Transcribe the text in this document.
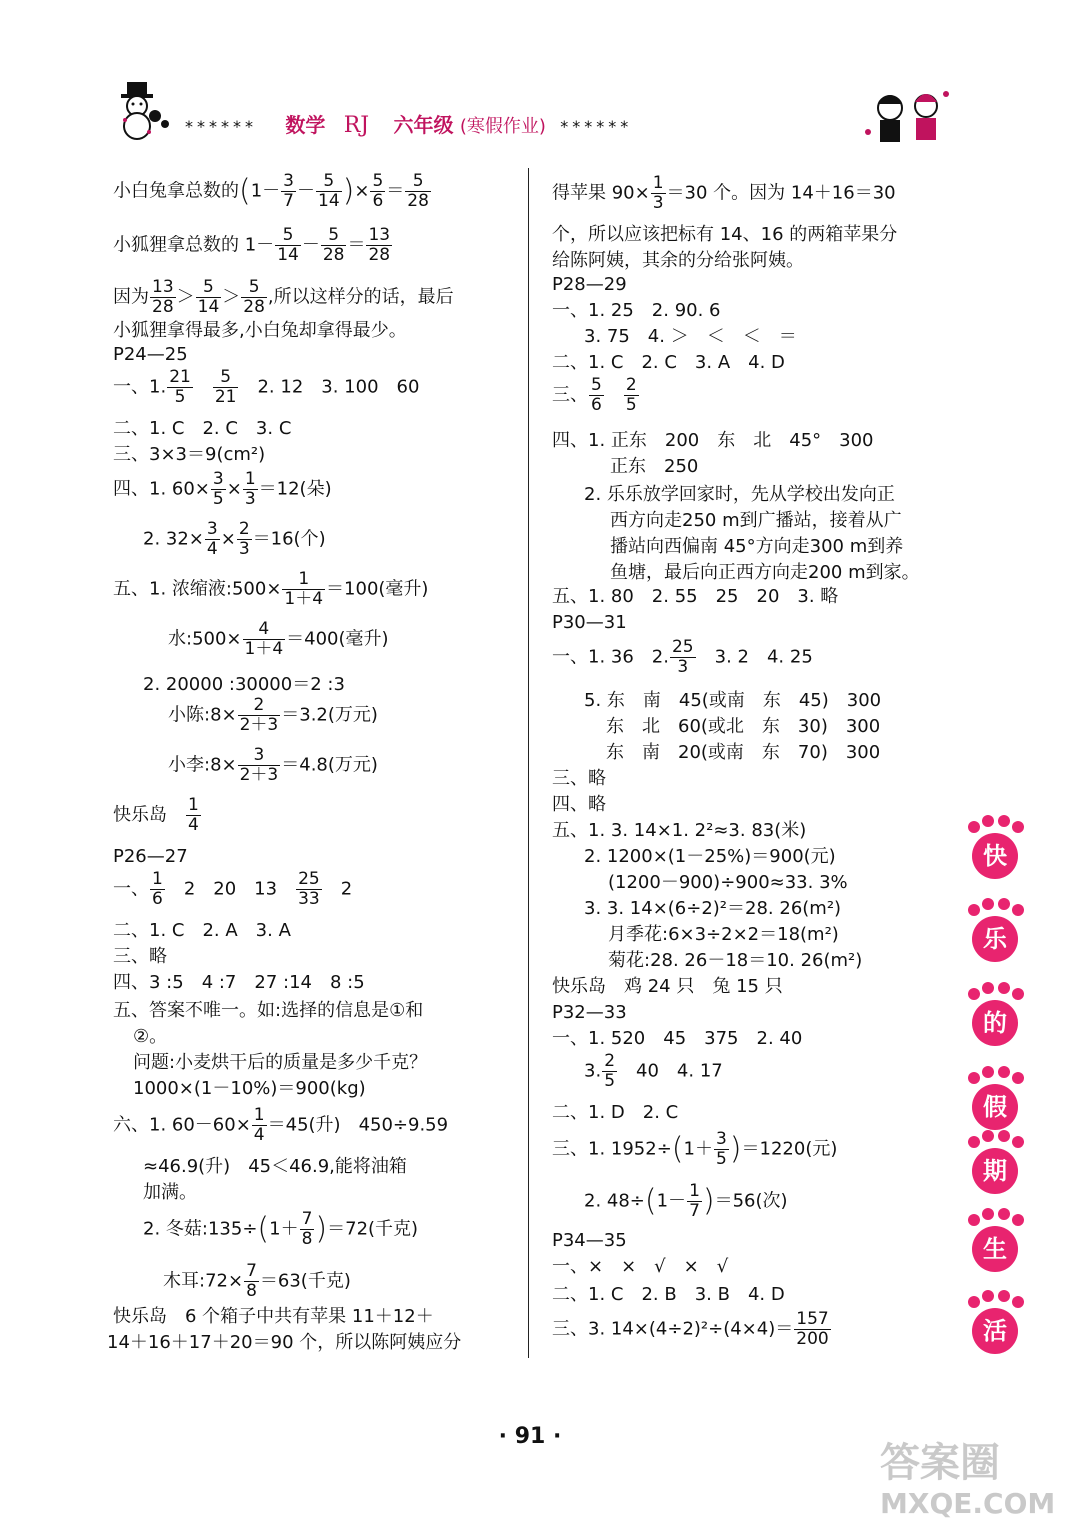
****** 数学 RJ 六年级 (寒假作业) ******
小白兔拿总数的($1- \frac{3}{7} - \frac{5}{14}$ )× $\frac{5}{6} = \frac{5}{28}$
小狐狸拿总数的 $1- \frac{5}{14} - \frac{5}{28} = \frac{13}{28}$
因为 $\frac{13}{28} > \frac{5}{14} > \frac{5}{28}$ ,所以这样分的话，最后
小狐狸拿得最多,小白兔却拿得最少。
P24—25
一、1. $\frac{21}{5}$
　 $\frac{5}{21}$
　 2. 12　3. 100　60
二、1. C　2. C　3. C
三、3×3＝9(cm²)
四、1. $60\times \frac{3}{5} \times \frac{1}{3} =12$(朵)
2. $32\times \frac{3}{4} \times \frac{2}{3} =16$(个)
五、1. 浓缩液:500× $\frac{1}{1+4} =100$(毫升)
水:500× $\frac{4}{1+4} =400$(毫升)
2. 20000 :30000＝2 :3
小陈:8× $\frac{2}{2+3} =3.2$(万元)
小李:8× $\frac{3}{2+3} =4.8$(万元)
快乐岛　 $\frac{1}{4}$
P26—27
一、 $\frac{1}{6}$
　 2　20　13　 $\frac{25}{33}$
　 2
二、1. C　2. A　3. A
三、略
四、3 :5　4 :7　27 :14　8 :5
五、答案不唯一。如:选择的信息是①和
②。
问题:小麦烘干后的质量是多少千克？
1000×(1－10%)＝900(kg)
六、1. $60-60\times \frac{1}{4} =45$(升)　450÷9.59
≈46.9(升)　45＜46.9,能将油箱
加满。
2. 冬菇:135÷(1＋ $\frac{7}{8} )=72$(千克)
木耳:72× $\frac{7}{8} =63$(千克)
快乐岛　6 个箱子中共有苹果 11＋12＋
14＋16＋17＋20＝90 个，所以陈阿姨应分
得苹果 $90\times \frac{1}{3} =30$ 个。因为 14＋16＝30
个，所以应该把标有 14、16 的两箱苹果分
给陈阿姨，其余的分给张阿姨。
P28—29
一、1. 25　2. 90. 6
3. 75　4. ＞　＜　＜　＝
二、1. C　2. C　3. A　4. D
三、 $\frac{5}{6}$
　 $\frac{2}{5}$
四、1. 正东　200　东　北　45°　300
正东　250
2. 乐乐放学回家时，先从学校出发向正
西方向走250 m到广播站，接着从广
播站向西偏南 45°方向走300 m到养
鱼塘，最后向正西方向走200 m到家。
五、1. 80　2. 55　25　20　3. 略
P30—31
一、1. 36　2. $\frac{25}{3}$
　 3. 2　4. 25
5. 东　南　45(或南　东　45)　300
东　北　60(或北　东　30)　300
东　南　20(或南　东　70)　300
三、略
四、略
五、1. 3. 14×1. 2²≈3. 83(米)
2. 1200×(1－25%)＝900(元)
(1200－900)÷900≈33. 3%
3. 3. 14×(6÷2)²＝28. 26(m²)
月季花:6×3÷2×2＝18(m²)
菊花:28. 26－18＝10. 26(m²)
快乐岛　鸡 24 只　兔 15 只
P32—33
一、1. 520　45　375　2. 40
3. $\frac{2}{5}$
　 40　4. 17
二、1. D　2. C
三、1. $1952\div(1+ \frac{3}{5} )=1220$(元)
2. $48\div(1- \frac{1}{7} )=56$(次)
P34—35
一、×　×　√　×　√
二、1. C　2. B　3. B　4. D
三、3. $14\times(4\div 2)^2\div(4\times 4)= \frac{157}{200}$
快
乐
的
假
期
生
活
· 91 ·
答案圈
MXQE.COM
